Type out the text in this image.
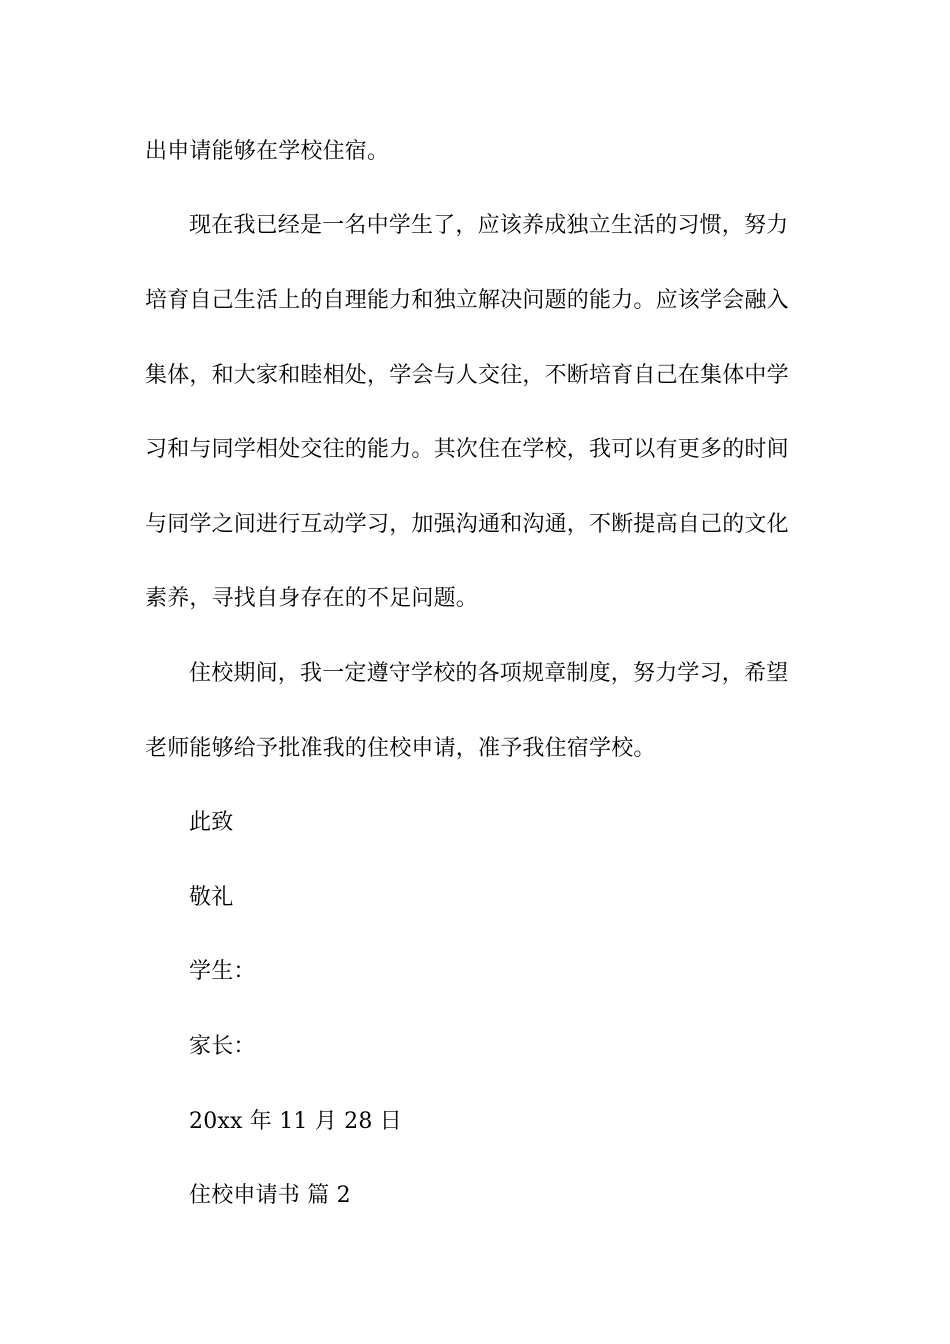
出申请能够在学校住宿。
现在我已经是一名中学生了，应该养成独立生活的习惯，努力
培育自己生活上的自理能力和独立解决问题的能力。应该学会融入
集体，和大家和睦相处，学会与人交往，不断培育自己在集体中学
习和与同学相处交往的能力。其次住在学校，我可以有更多的时间
与同学之间进行互动学习，加强沟通和沟通，不断提高自己的文化
素养，寻找自身存在的不足问题。
住校期间，我一定遵守学校的各项规章制度，努力学习，希望
老师能够给予批准我的住校申请，准予我住宿学校。
此致
敬礼
学生：
家长：
20xx 年 11 月 28 日
住校申请书 篇 2
